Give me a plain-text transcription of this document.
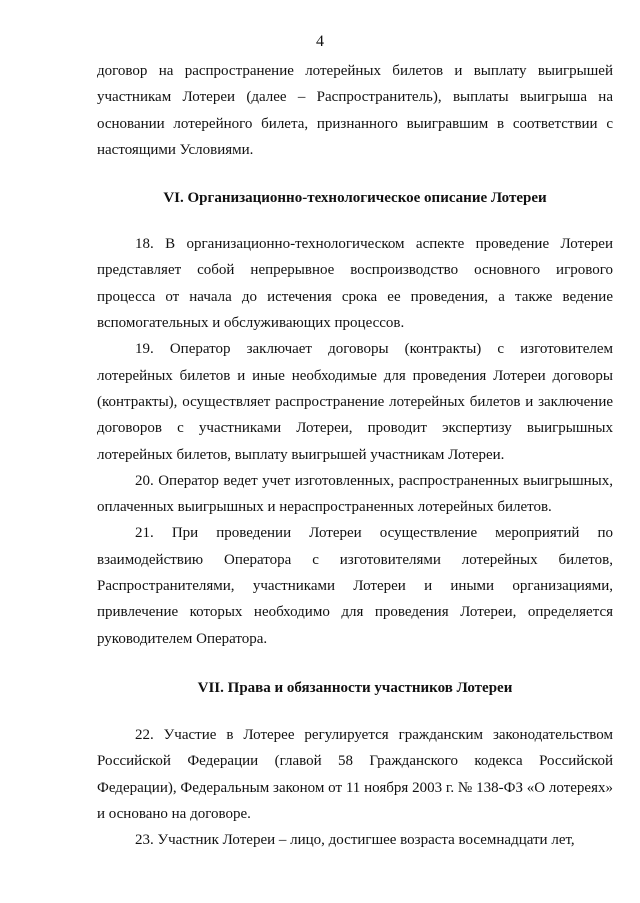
4

договор на распространение лотерейных билетов и выплату выигрышей участникам Лотереи (далее – Распространитель), выплаты выигрыша на основании лотерейного билета, признанного выигравшим в соответствии с настоящими Условиями.

VI. Организационно-технологическое описание Лотереи

18. В организационно-технологическом аспекте проведение Лотереи представляет собой непрерывное воспроизводство основного игрового процесса от начала до истечения срока ее проведения, а также ведение вспомогательных и обслуживающих процессов.

19. Оператор заключает договоры (контракты) с изготовителем лотерейных билетов и иные необходимые для проведения Лотереи договоры (контракты), осуществляет распространение лотерейных билетов и заключение договоров с участниками Лотереи, проводит экспертизу выигрышных лотерейных билетов, выплату выигрышей участникам Лотереи.

20. Оператор ведет учет изготовленных, распространенных выигрышных, оплаченных выигрышных и нераспространенных лотерейных билетов.

21. При проведении Лотереи осуществление мероприятий по взаимодействию Оператора с изготовителями лотерейных билетов, Распространителями, участниками Лотереи и иными организациями, привлечение которых необходимо для проведения Лотереи, определяется руководителем Оператора.

VII. Права и обязанности участников Лотереи

22. Участие в Лотерее регулируется гражданским законодательством Российской Федерации (главой 58 Гражданского кодекса Российской Федерации), Федеральным законом от 11 ноября 2003 г. № 138-ФЗ «О лотереях» и основано на договоре.

23. Участник Лотереи – лицо, достигшее возраста восемнадцати лет,
